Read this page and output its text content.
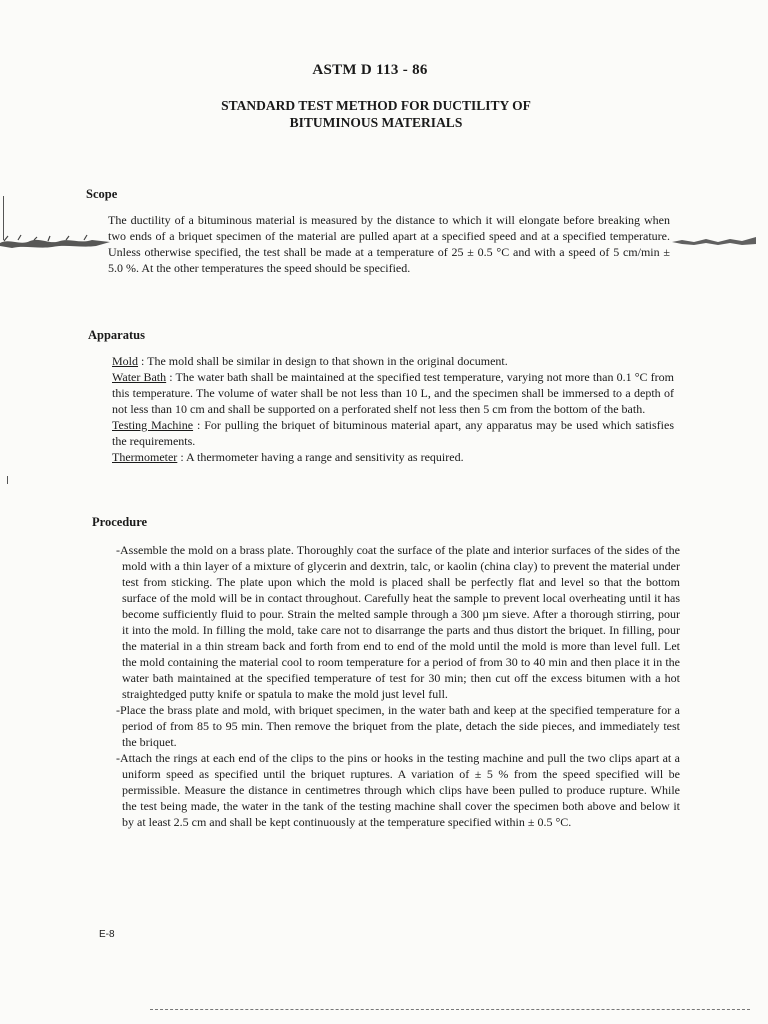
ASTM D 113 - 86
STANDARD TEST METHOD FOR DUCTILITY OF
BITUMINOUS MATERIALS
Scope
The ductility of a bituminous material is measured by the distance to which it will elongate before breaking when two ends of a briquet specimen of the material are pulled apart at a specified speed and at a specified temperature. Unless otherwise specified, the test shall be made at a temperature of 25 ± 0.5 °C and with a speed of 5 cm/min ± 5.0 %. At the other temperatures the speed should be specified.
Apparatus
Mold : The mold shall be similar in design to that shown in the original document.
Water Bath : The water bath shall be maintained at the specified test temperature, varying not more than 0.1 °C from this temperature. The volume of water shall be not less than 10 L, and the specimen shall be immersed to a depth of not less than 10 cm and shall be supported on a perforated shelf not less then 5 cm from the bottom of the bath.
Testing Machine : For pulling the briquet of bituminous material apart, any apparatus may be used which satisfies the requirements.
Thermometer : A thermometer having a range and sensitivity as required.
Procedure
-Assemble the mold on a brass plate. Thoroughly coat the surface of the plate and interior surfaces of the sides of the mold with a thin layer of a mixture of glycerin and dextrin, talc, or kaolin (china clay) to prevent the material under test from sticking. The plate upon which the mold is placed shall be perfectly flat and level so that the bottom surface of the mold will be in contact throughout. Carefully heat the sample to prevent local overheating until it has become sufficiently fluid to pour. Strain the melted sample through a 300 µm sieve. After a thorough stirring, pour it into the mold. In filling the mold, take care not to disarrange the parts and thus distort the briquet. In filling, pour the material in a thin stream back and forth from end to end of the mold until the mold is more than level full. Let the mold containing the material cool to room temperature for a period of from 30 to 40 min and then place it in the water bath maintained at the specified temperature of test for 30 min; then cut off the excess bitumen with a hot straightedged putty knife or spatula to make the mold just level full.
-Place the brass plate and mold, with briquet specimen, in the water bath and keep at the specified temperature for a period of from 85 to 95 min. Then remove the briquet from the plate, detach the side pieces, and immediately test the briquet.
-Attach the rings at each end of the clips to the pins or hooks in the testing machine and pull the two clips apart at a uniform speed as specified until the briquet ruptures. A variation of ± 5 % from the speed specified will be permissible. Measure the distance in centimetres through which clips have been pulled to produce rupture. While the test being made, the water in the tank of the testing machine shall cover the specimen both above and below it by at least 2.5 cm and shall be kept continuously at the temperature specified within ± 0.5 °C.
E-8
